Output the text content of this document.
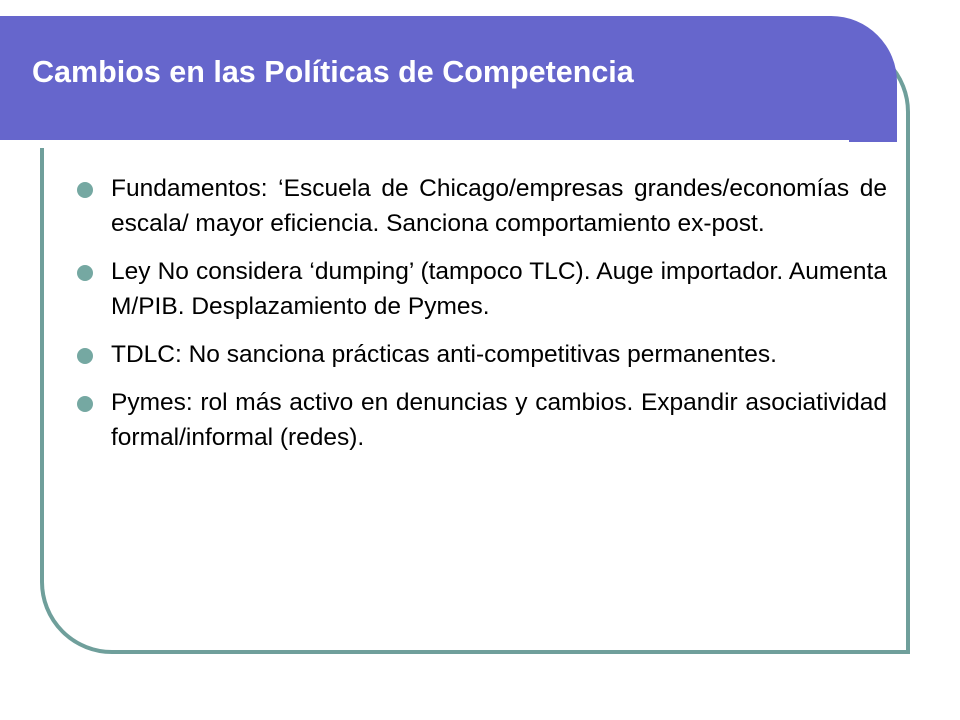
Cambios en las Políticas de Competencia
Fundamentos: ‘Escuela de Chicago/empresas grandes/economías de escala/ mayor eficiencia. Sanciona comportamiento ex-post.
Ley No considera ‘dumping’ (tampoco TLC). Auge importador. Aumenta M/PIB. Desplazamiento de Pymes.
TDLC: No sanciona prácticas anti-competitivas permanentes.
Pymes: rol más activo en denuncias y cambios. Expandir asociatividad formal/informal (redes).
